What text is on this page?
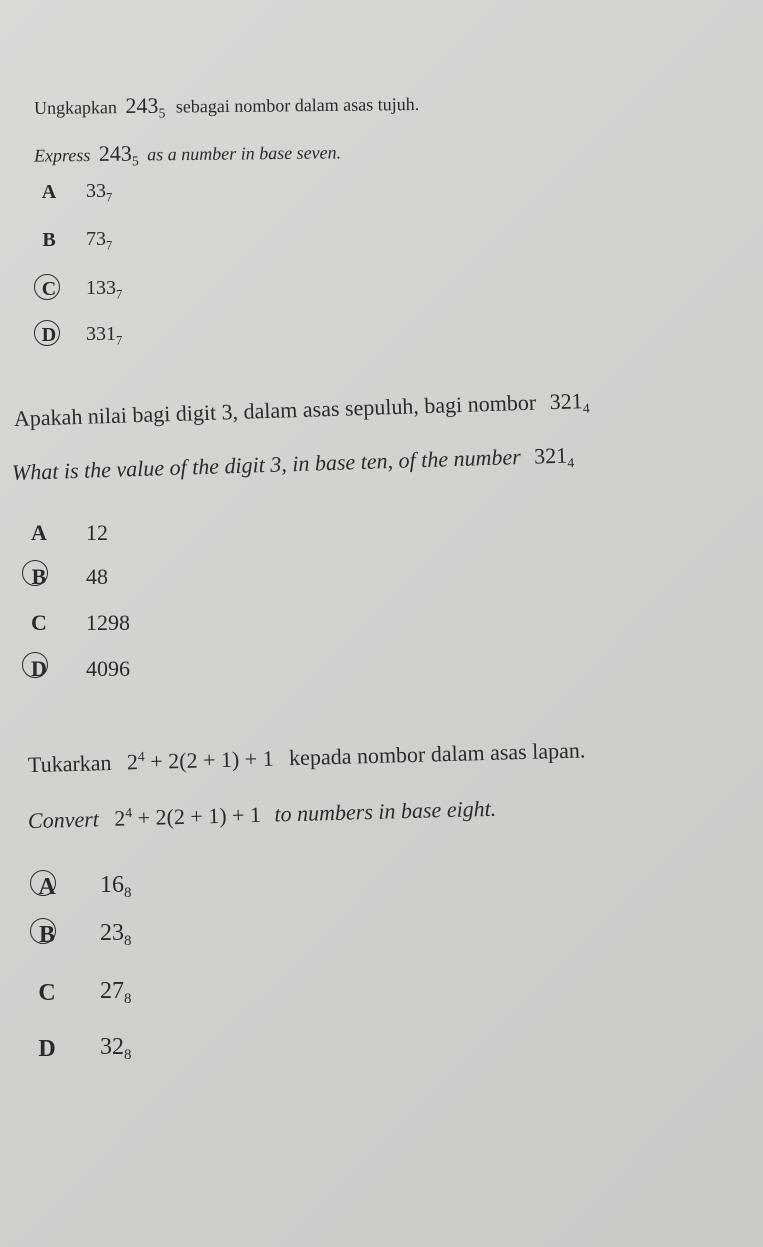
Ungkapkan $243_5$ sebagai nombor dalam asas tujuh.
Express $243_5$ as a number in base seven.
A $33_7$
B $73_7$
C $133_7$
D $331_7$
Apakah nilai bagi digit 3, dalam asas sepuluh, bagi nombor $321_4$
What is the value of the digit 3, in base ten, of the number $321_4$
A 12
B 48
C 1298
D 4096
Tukarkan $2^4 + 2(2 + 1) + 1$ kepada nombor dalam asas lapan.
Convert $2^4 + 2(2 + 1) + 1$ to numbers in base eight.
A $16_8$
B $23_8$
C $27_8$
D $32_8$
